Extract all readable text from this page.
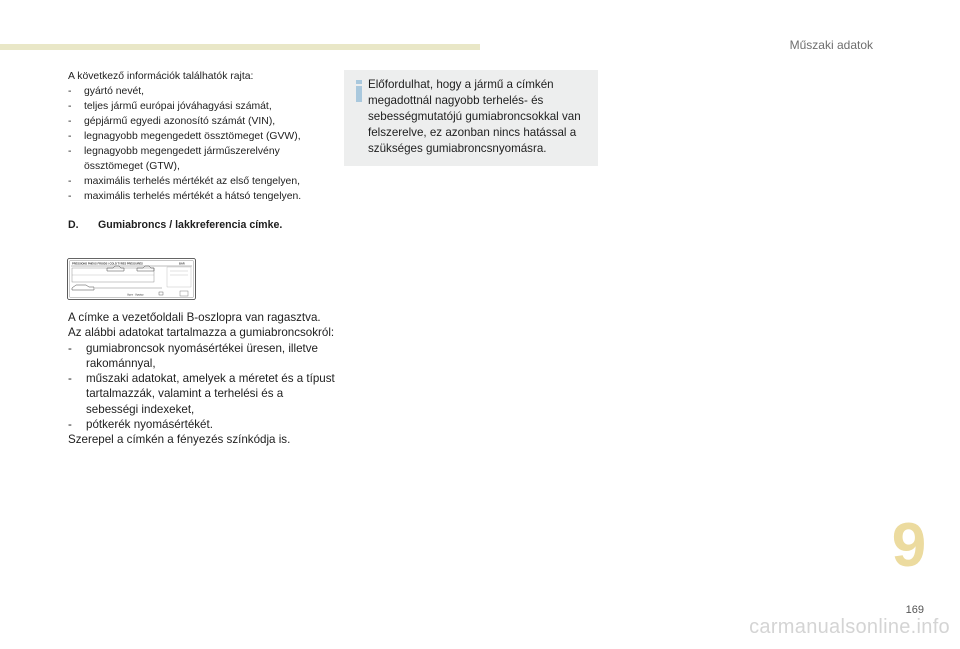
Műszaki adatok

A következő információk találhatók rajta:

- gyártó nevét,
- teljes jármű európai jóváhagyási számát,
- gépjármű egyedi azonosító számát (VIN),
- legnagyobb megengedett össztömeget (GVW),
- legnagyobb megengedett járműszerelvény össztömeget (GTW),
- maximális terhelés mértékét az első tengelyen,
- maximális terhelés mértékét a hátsó tengelyen.
D. Gumiabroncs / lakkreferencia címke.
PRESSIONS PNEUS FROIDS / COLD TYRES PRESSURES	BAR
Vgom · Vgeptyp

A címke a vezetőoldali B-oszlopra van ragasztva.

Az alábbi adatokat tartalmazza a gumiabroncsokról:

- gumiabroncsok nyomásértékei üresen, illetve rakománnyal,
- műszaki adatokat, amelyek a méretet és a típust tartalmazzák, valamint a terhelési és a sebességi indexeket,
- pótkerék nyomásértékét.

Szerepel a címkén a fényezés színkódja is.

Előfordulhat, hogy a jármű a címkén megadottnál nagyobb terhelés- és sebességmutatójú gumiabroncsokkal van felszerelve, ez azonban nincs hatással a szükséges gumiabroncsnyomásra.
9
169
carmanualsonline.info
